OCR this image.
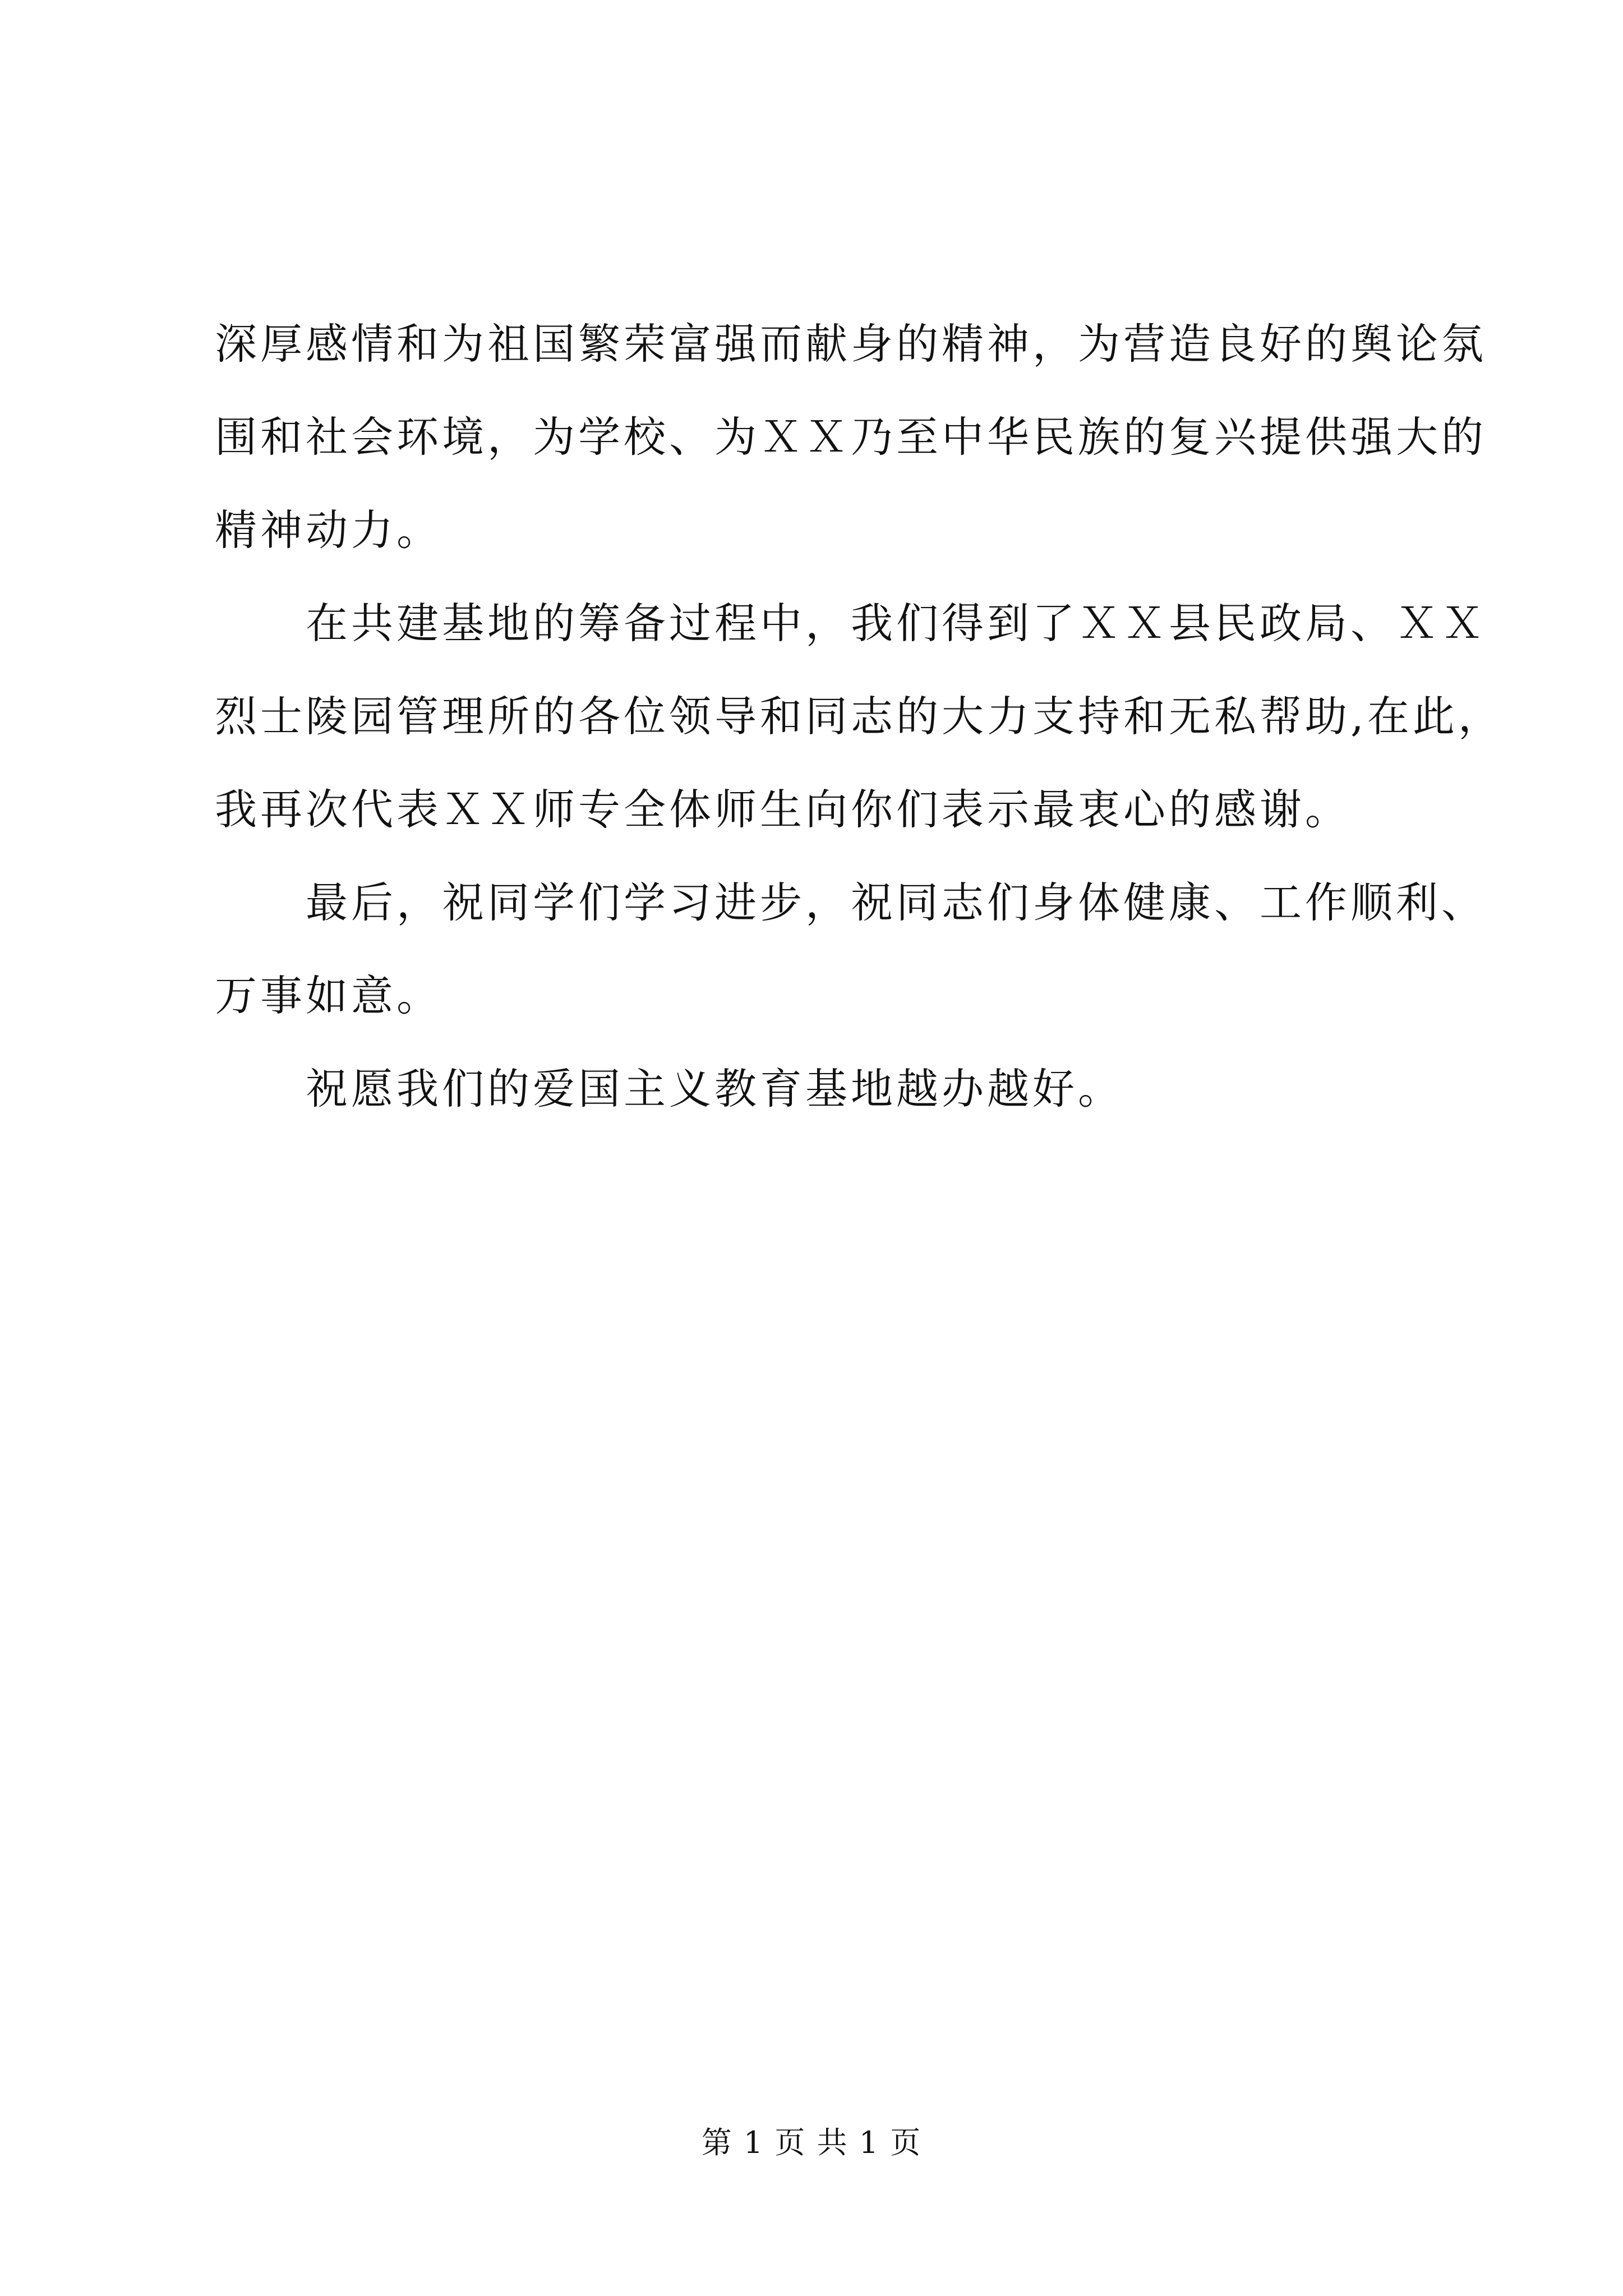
深厚感情和为祖国繁荣富强而献身的精神，为营造良好的舆论氛
围和社会环境，为学校、为ＸＸ乃至中华民族的复兴提供强大的
精神动力。
在共建基地的筹备过程中，我们得到了ＸＸ县民政局、ＸＸ
烈士陵园管理所的各位领导和同志的大力支持和无私帮助,在此，
我再次代表ＸＸ师专全体师生向你们表示最衷心的感谢。
最后，祝同学们学习进步，祝同志们身体健康、工作顺利、
万事如意。
祝愿我们的爱国主义教育基地越办越好。
第 1 页 共 1 页
